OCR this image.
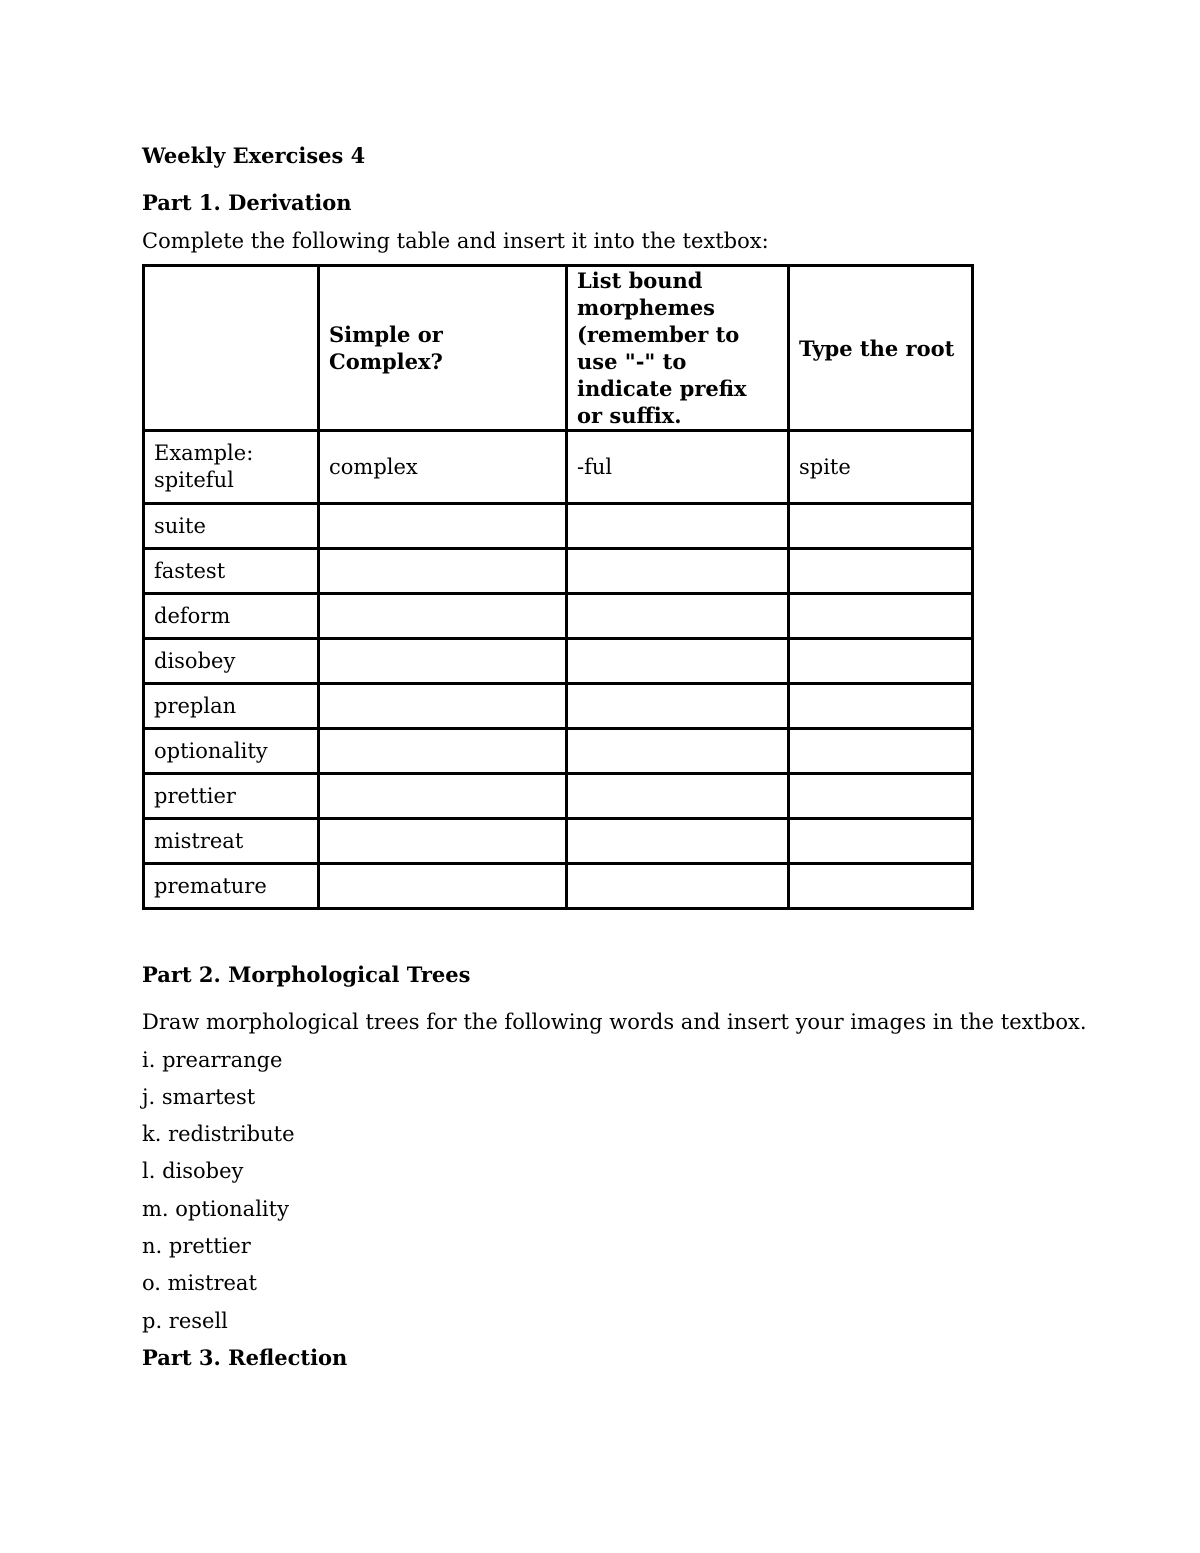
Weekly Exercises 4
Part 1. Derivation
Complete the following table and insert it into the textbox:
	Simple or Complex?	List bound morphemes (remember to use "-" to indicate prefix or suffix.	Type the root

Example:
spiteful	complex	-ful	spite
suite			
fastest			
deform			
disobey			
preplan			
optionality			
prettier			
mistreat			
premature			
Part 2. Morphological Trees
Draw morphological trees for the following words and insert your images in the textbox.
i. prearrange
j. smartest
k. redistribute
l. disobey
m. optionality
n. prettier
o. mistreat
p. resell
Part 3. Reflection
